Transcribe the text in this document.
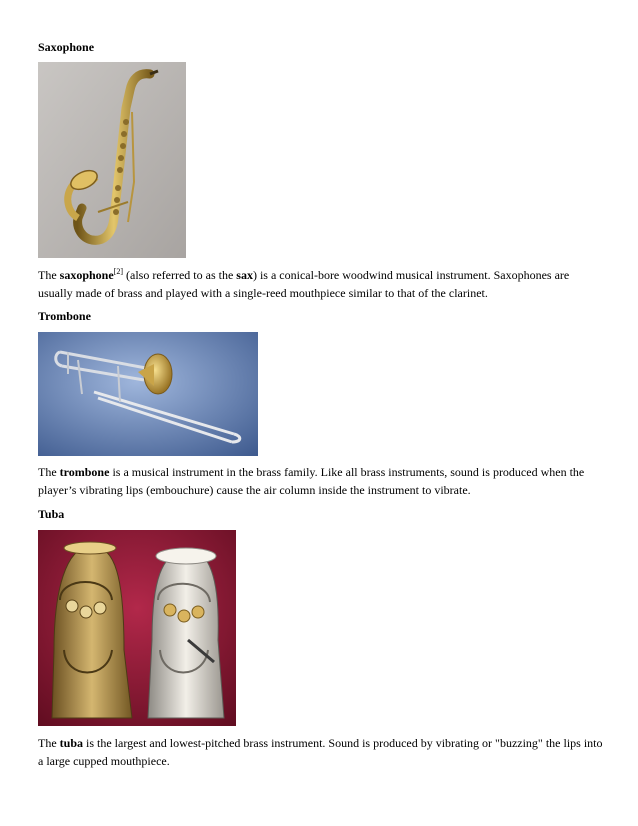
Saxophone

The saxophone[2] (also referred to as the sax) is a conical-bore woodwind musical instrument. Saxophones are usually made of brass and played with a single-reed mouthpiece similar to that of the clarinet.

Trombone

The trombone is a musical instrument in the brass family. Like all brass instruments, sound is produced when the player’s vibrating lips (embouchure) cause the air column inside the instrument to vibrate.

Tuba

The tuba is the largest and lowest-pitched brass instrument. Sound is produced by vibrating or "buzzing" the lips into a large cupped mouthpiece.
